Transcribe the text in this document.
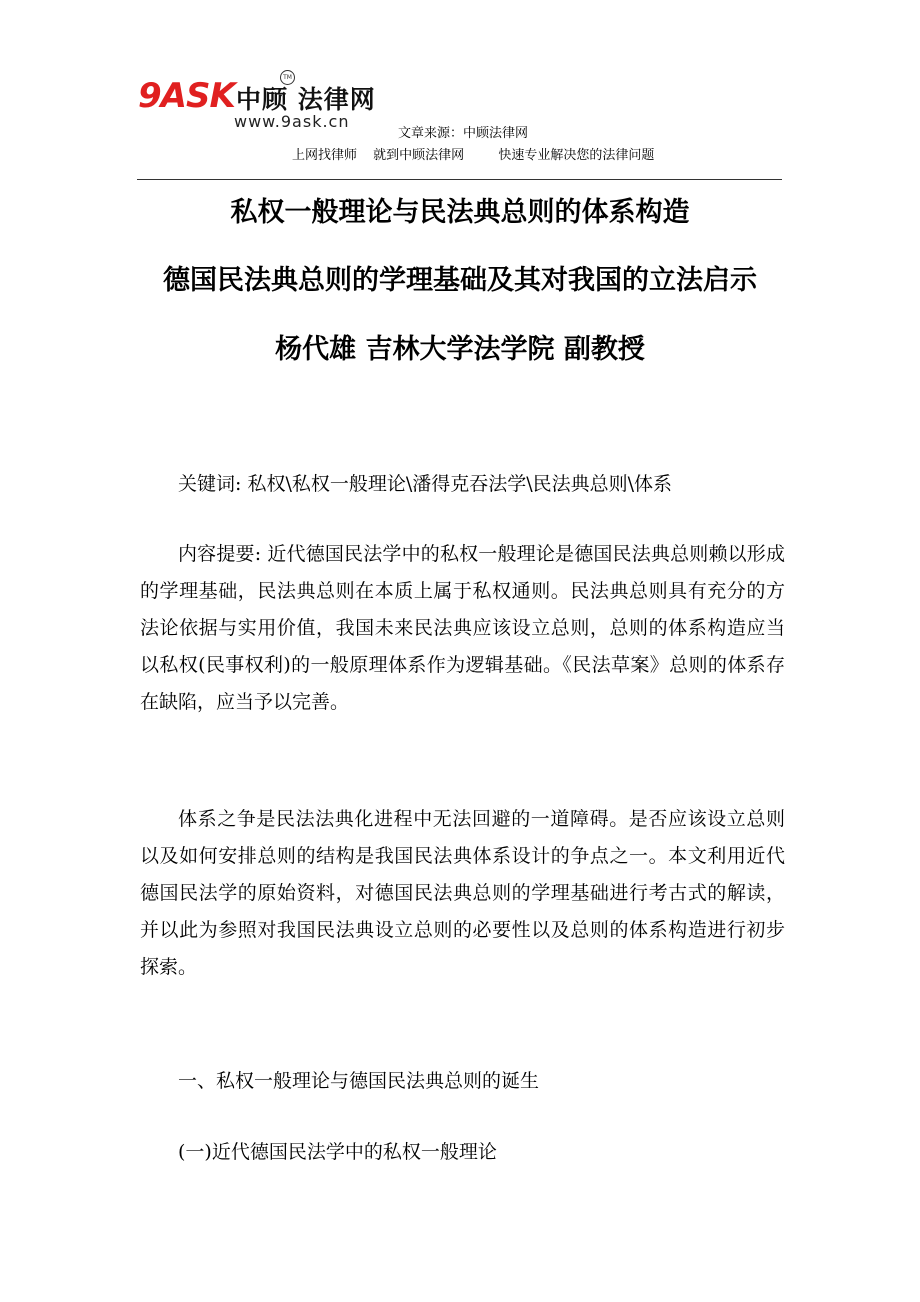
9ASK 中顾 法律网
TM
www.9ask.cn
文章来源：中顾法律网
上网找律师 就到中顾法律网	快速专业解决您的法律问题
私权一般理论与民法典总则的体系构造
德国民法典总则的学理基础及其对我国的立法启示
杨代雄 吉林大学法学院 副教授

关键词: 私权\私权一般理论\潘得克吞法学\民法典总则\体系

内容提要: 近代德国民法学中的私权一般理论是德国民法典总则赖以形成的学理基础，民法典总则在本质上属于私权通则。民法典总则具有充分的方法论依据与实用价值，我国未来民法典应该设立总则，总则的体系构造应当以私权(民事权利)的一般原理体系作为逻辑基础。《民法草案》总则的体系存在缺陷，应当予以完善。

体系之争是民法法典化进程中无法回避的一道障碍。是否应该设立总则以及如何安排总则的结构是我国民法典体系设计的争点之一。本文利用近代德国民法学的原始资料，对德国民法典总则的学理基础进行考古式的解读，并以此为参照对我国民法典设立总则的必要性以及总则的体系构造进行初步探索。

一、私权一般理论与德国民法典总则的诞生

(一)近代德国民法学中的私权一般理论
